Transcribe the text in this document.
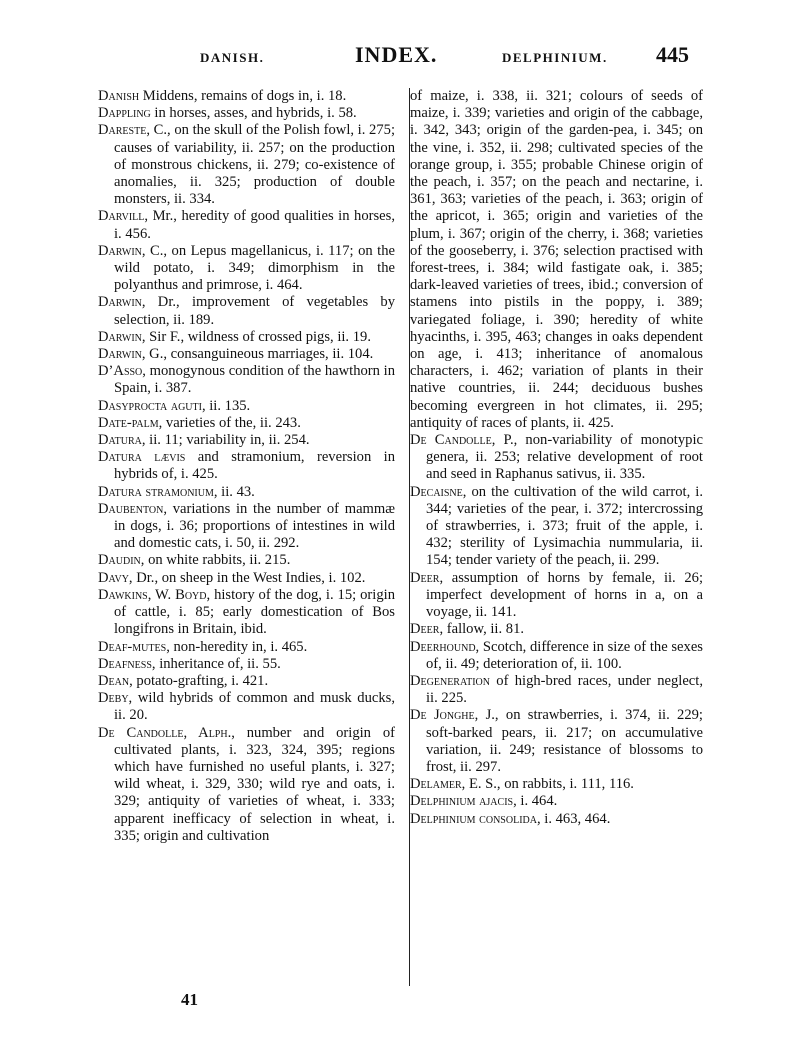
DANISH.	INDEX.	DELPHINIUM. 445

Danish Middens, remains of dogs in, i. 18.

Dappling in horses, asses, and hybrids, i. 58.

Dareste, C., on the skull of the Polish fowl, i. 275; causes of variability, ii. 257; on the production of monstrous chickens, ii. 279; co-existence of anomalies, ii. 325; production of double monsters, ii. 334.

Darvill, Mr., heredity of good qualities in horses, i. 456.

Darwin, C., on Lepus magellanicus, i. 117; on the wild potato, i. 349; dimorphism in the polyanthus and primrose, i. 464.

Darwin, Dr., improvement of vegetables by selection, ii. 189.

Darwin, Sir F., wildness of crossed pigs, ii. 19.

Darwin, G., consanguineous marriages, ii. 104.

D’Asso, monogynous condition of the hawthorn in Spain, i. 387.

Dasyprocta aguti, ii. 135.

Date-palm, varieties of the, ii. 243.

Datura, ii. 11; variability in, ii. 254.

Datura lævis and stramonium, reversion in hybrids of, i. 425.

Datura stramonium, ii. 43.

Daubenton, variations in the number of mammæ in dogs, i. 36; proportions of intestines in wild and domestic cats, i. 50, ii. 292.

Daudin, on white rabbits, ii. 215.

Davy, Dr., on sheep in the West Indies, i. 102.

Dawkins, W. Boyd, history of the dog, i. 15; origin of cattle, i. 85; early domestication of Bos longifrons in Britain, ibid.

Deaf-mutes, non-heredity in, i. 465.

Deafness, inheritance of, ii. 55.

Dean, potato-grafting, i. 421.

Deby, wild hybrids of common and musk ducks, ii. 20.

De Candolle, Alph., number and origin of cultivated plants, i. 323, 324, 395; regions which have furnished no useful plants, i. 327; wild wheat, i. 329, 330; wild rye and oats, i. 329; antiquity of varieties of wheat, i. 333; apparent inefficacy of selection in wheat, i. 335; origin and cultivation

of maize, i. 338, ii. 321; colours of seeds of maize, i. 339; varieties and origin of the cabbage, i. 342, 343; origin of the garden-pea, i. 345; on the vine, i. 352, ii. 298; cultivated species of the orange group, i. 355; probable Chinese origin of the peach, i. 357; on the peach and nectarine, i. 361, 363; varieties of the peach, i. 363; origin of the apricot, i. 365; origin and varieties of the plum, i. 367; origin of the cherry, i. 368; varieties of the gooseberry, i. 376; selection practised with forest-trees, i. 384; wild fastigate oak, i. 385; dark-leaved varieties of trees, ibid.; conversion of stamens into pistils in the poppy, i. 389; variegated foliage, i. 390; heredity of white hyacinths, i. 395, 463; changes in oaks dependent on age, i. 413; inheritance of anomalous characters, i. 462; variation of plants in their native countries, ii. 244; deciduous bushes becoming evergreen in hot climates, ii. 295; antiquity of races of plants, ii. 425.

De Candolle, P., non-variability of monotypic genera, ii. 253; relative development of root and seed in Raphanus sativus, ii. 335.

Decaisne, on the cultivation of the wild carrot, i. 344; varieties of the pear, i. 372; intercrossing of strawberries, i. 373; fruit of the apple, i. 432; sterility of Lysimachia nummularia, ii. 154; tender variety of the peach, ii. 299.

Deer, assumption of horns by female, ii. 26; imperfect development of horns in a, on a voyage, ii. 141.

Deer, fallow, ii. 81.

Deerhound, Scotch, difference in size of the sexes of, ii. 49; deterioration of, ii. 100.

Degeneration of high-bred races, under neglect, ii. 225.

De Jonghe, J., on strawberries, i. 374, ii. 229; soft-barked pears, ii. 217; on accumulative variation, ii. 249; resistance of blossoms to frost, ii. 297.

Delamer, E. S., on rabbits, i. 111, 116.

Delphinium ajacis, i. 464.

Delphinium consolida, i. 463, 464.

41
